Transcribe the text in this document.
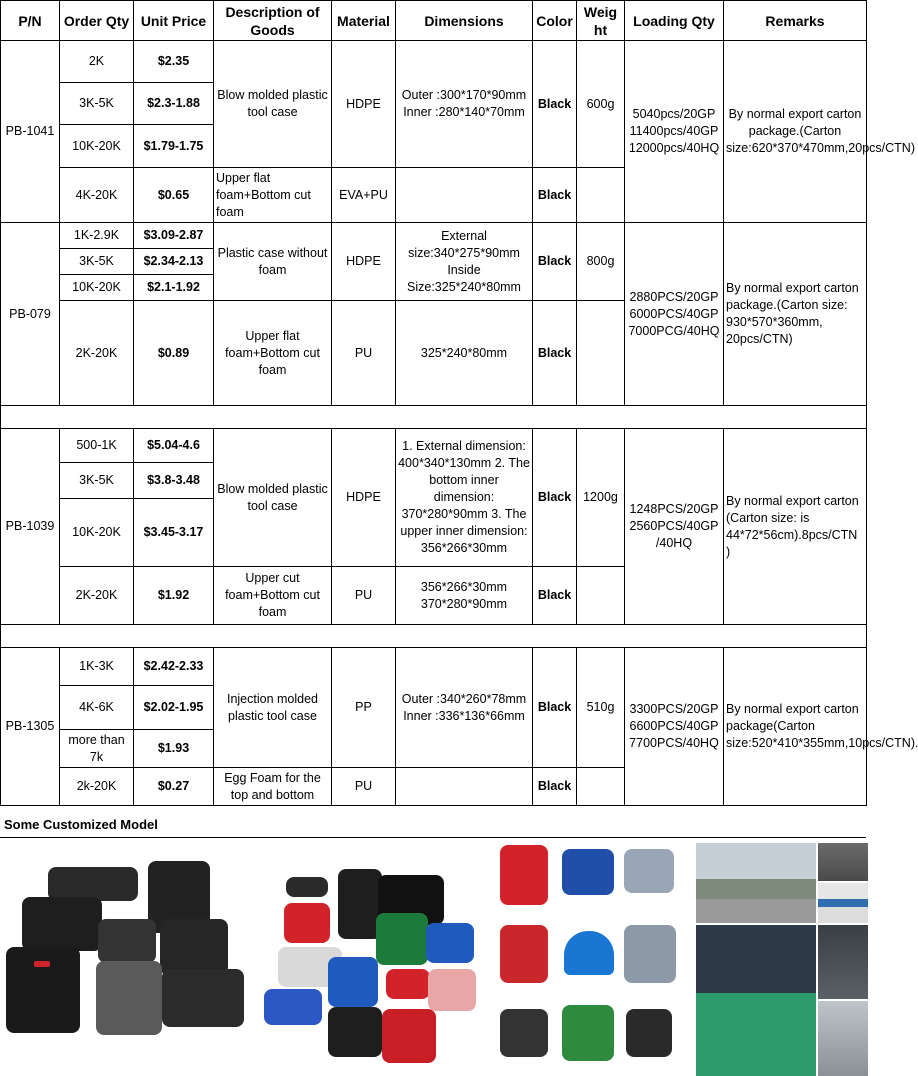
P/N	Order Qty	Unit Price	Description of Goods	Material	Dimensions	Color	Weig ht	Loading Qty	Remarks
PB-1041	2K	$2.35	Blow molded plastic tool case	HDPE	Outer :300*170*90mm Inner :280*140*70mm	Black	600g	5040pcs/20GP 11400pcs/40GP 12000pcs/40HQ	By normal export carton package.(Carton size:620*370*470mm,20pcs/CTN)
	3K-5K	$2.3-1.88							
	10K-20K	$1.79-1.75							
	4K-20K	$0.65	Upper flat foam+Bottom cut foam	EVA+PU		Black			
PB-079	1K-2.9K	$3.09-2.87	Plastic case without foam	HDPE	External size:340*275*90mm Inside Size:325*240*80mm	Black	800g	2880PCS/20GP 6000PCS/40GP 7000PCG/40HQ	By normal export carton package.(Carton size: 930*570*360mm, 20pcs/CTN)
	3K-5K	$2.34-2.13							
	10K-20K	$2.1-1.92							
	2K-20K	$0.89	Upper flat foam+Bottom cut foam	PU	325*240*80mm	Black			

PB-1039	500-1K	$5.04-4.6	Blow molded plastic tool case	HDPE	1. External dimension: 400*340*130mm 2. The bottom inner dimension: 370*280*90mm 3. The upper inner dimension: 356*266*30mm	Black	1200g	1248PCS/20GP 2560PCS/40GP /40HQ	By normal export carton (Carton size: is 44*72*56cm).8pcs/CTN )
	3K-5K	$3.8-3.48							
	10K-20K	$3.45-3.17							
	2K-20K	$1.92	Upper cut foam+Bottom cut foam	PU	356*266*30mm 370*280*90mm	Black			

PB-1305	1K-3K	$2.42-2.33	Injection molded plastic tool case	PP	Outer :340*260*78mm Inner :336*136*66mm	Black	510g	3300PCS/20GP 6600PCS/40GP 7700PCS/40HQ	By normal export carton package(Carton size:520*410*355mm,10pcs/CTN).
	4K-6K	$2.02-1.95							
	more than 7k	$1.93							
	2k-20K	$0.27	Egg Foam for the top and bottom	PU		Black			
Some Customized Model
